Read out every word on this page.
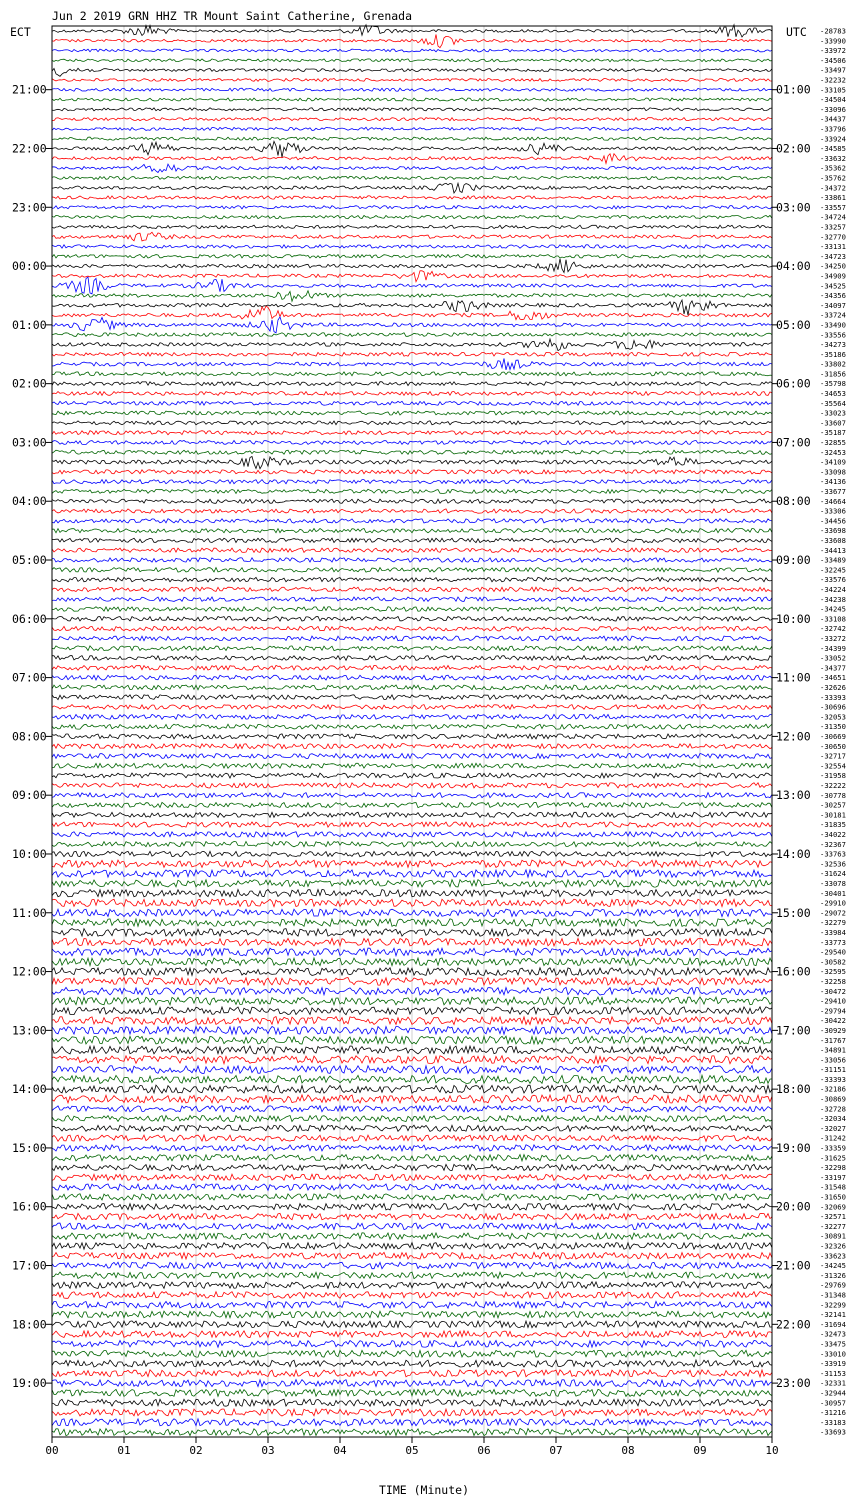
Jun 2 2019 GRN HHZ TR Mount Saint Catherine, Grenada
ECT	UTC
21:00
22:00
23:00
00:00
01:00
02:00
03:00
04:00
05:00
06:00
07:00
08:00
09:00
10:00
11:00
12:00
13:00
14:00
15:00
16:00
17:00
18:00
19:00
01:00
02:00
03:00
04:00
05:00
06:00
07:00
08:00
09:00
10:00
11:00
12:00
13:00
14:00
15:00
16:00
17:00
18:00
19:00
20:00
21:00
22:00
23:00
-28783
-33990
-33972
-34506
-33497
-32232
-33105
-34504
-33096
-34437
-33796
-33924
-34585
-33632
-35362
-35762
-34372
-33861
-33557
-34724
-33257
-32770
-33131
-34723
-34250
-34909
-34525
-34356
-34097
-33724
-33490
-33556
-34273
-35186
-33802
-31856
-35798
-34653
-35564
-33023
-33607
-35187
-32855
-32453
-34109
-33098
-34136
-33677
-34664
-33306
-34456
-33698
-33608
-34413
-33489
-32245
-33576
-34224
-34238
-34245
-33108
-32742
-33272
-34399
-33052
-34377
-34651
-32626
-33393
-30696
-32053
-31350
-30669
-30650
-32717
-32554
-31958
-32222
-30778
-30257
-30181
-31835
-34022
-32367
-33763
-32536
-31624
-33078
-30401
-29910
-29072
-32279
-33984
-33773
-29540
-30582
-32595
-32258
-30472
-29410
-29794
-30422
-30929
-31767
-34891
-33056
-31151
-33393
-32186
-30869
-32728
-32034
-32027
-31242
-33359
-31625
-32298
-33197
-31548
-31650
-32069
-32571
-32277
-30891
-32326
-33623
-34245
-31326
-29769
-31348
-32299
-32141
-31694
-32473
-33475
-33010
-33919
-31153
-32331
-32944
-30957
-31216
-33183
-33693
00	01	02	03	04	05	06	07	08	09	10
TIME (Minute)
